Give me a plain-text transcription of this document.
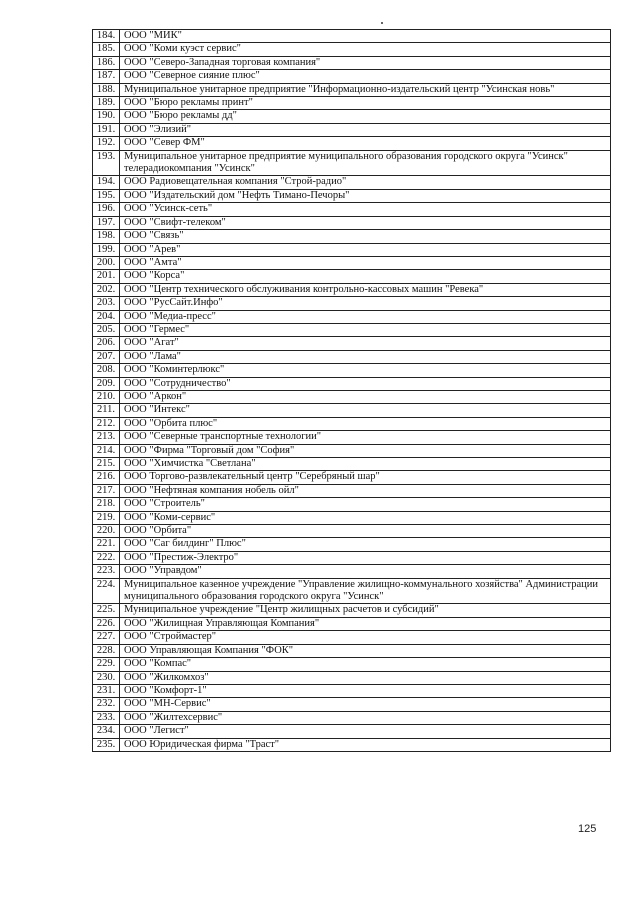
184.	ООО "МИК"
185.	ООО "Коми куэст сервис"
186.	ООО "Северо-Западная торговая компания"
187.	ООО "Северное сияние плюс"
188.	Муниципальное унитарное предприятие "Информационно-издательский центр "Усинская новь"
189.	ООО "Бюро рекламы принт"
190.	ООО "Бюро рекламы дд"
191.	ООО "Элизий"
192.	ООО "Север ФМ"
193.	Муниципальное унитарное предприятие муниципального образования городского округа "Усинск" телерадиокомпания "Усинск"
194.	ООО Радиовещательная компания "Строй-радио"
195.	ООО "Издательский дом "Нефть Тимано-Печоры"
196.	ООО "Усинск-сеть"
197.	ООО "Свифт-телеком"
198.	ООО "Связь"
199.	ООО "Арев"
200.	ООО "Амта"
201.	ООО "Корса"
202.	ООО "Центр технического обслуживания контрольно-кассовых машин "Ревека"
203.	ООО "РусСайт.Инфо"
204.	ООО "Медиа-пресс"
205.	ООО "Гермес"
206.	ООО "Агат"
207.	ООО "Лама"
208.	ООО "Коминтерлюкс"
209.	ООО "Сотрудничество"
210.	ООО "Аркон"
211.	ООО "Интекс"
212.	ООО "Орбита плюс"
213.	ООО "Северные транспортные технологии"
214.	ООО "Фирма "Торговый дом "София"
215.	ООО "Химчистка "Светлана"
216.	ООО Торгово-развлекательный центр "Серебряный шар"
217.	ООО "Нефтяная компания нобель ойл"
218.	ООО "Строитель"
219.	ООО "Коми-сервис"
220.	ООО "Орбита"
221.	ООО "Саг билдинг" Плюс"
222.	ООО "Престиж-Электро"
223.	ООО "Управдом"
224.	Муниципальное казенное учреждение "Управление жилищно-коммунального хозяйства" Администрации муниципального образования городского округа "Усинск"
225.	Муниципальное учреждение "Центр жилищных расчетов и субсидий"
226.	ООО "Жилищная Управляющая Компания"
227.	ООО "Строймастер"
228.	ООО Управляющая Компания "ФОК"
229.	ООО "Компас"
230.	ООО "Жилкомхоз"
231.	ООО "Комфорт-1"
232.	ООО "МН-Сервис"
233.	ООО "Жилтехсервис"
234.	ООО "Легист"
235.	ООО Юридическая фирма "Траст"
125
